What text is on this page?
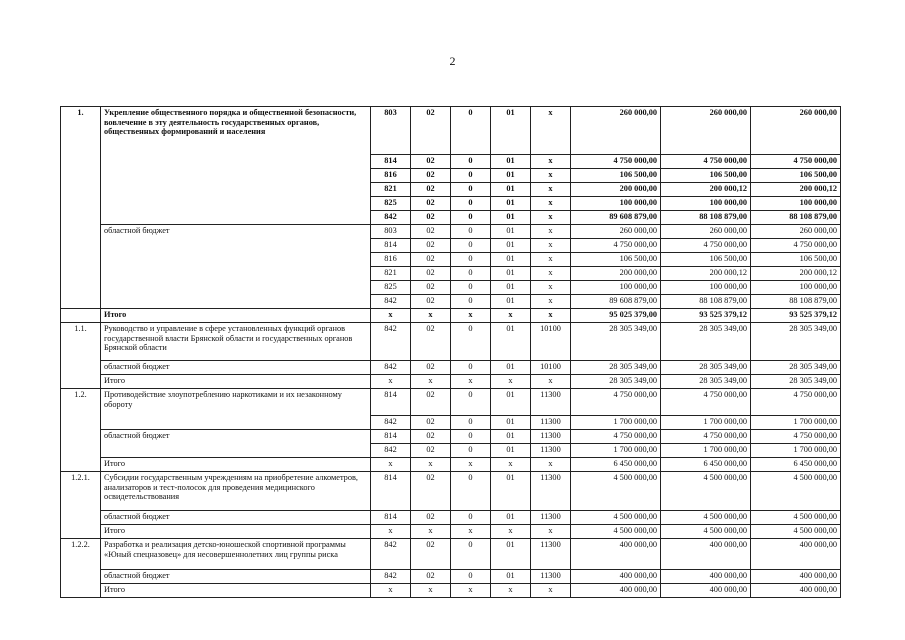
2
1.	Укрепление общественного порядка и общественной безопасности, вовлечение в эту деятельность государственных органов, общественных формирований и населения	803	02	0	01	х	260 000,00	260 000,00	260 000,00
		814	02	0	01	х	4 750 000,00	4 750 000,00	4 750 000,00
		816	02	0	01	х	106 500,00	106 500,00	106 500,00
		821	02	0	01	х	200 000,00	200 000,12	200 000,12
		825	02	0	01	х	100 000,00	100 000,00	100 000,00
		842	02	0	01	х	89 608 879,00	88 108 879,00	88 108 879,00
	областной бюджет	803	02	0	01	х	260 000,00	260 000,00	260 000,00
		814	02	0	01	х	4 750 000,00	4 750 000,00	4 750 000,00
		816	02	0	01	х	106 500,00	106 500,00	106 500,00
		821	02	0	01	х	200 000,00	200 000,12	200 000,12
		825	02	0	01	х	100 000,00	100 000,00	100 000,00
		842	02	0	01	х	89 608 879,00	88 108 879,00	88 108 879,00
	Итого	х	х	х	х	х	95 025 379,00	93 525 379,12	93 525 379,12
1.1.	Руководство и управление в сфере установленных функций органов государственной власти Брянской области и государственных органов Брянской области	842	02	0	01	10100	28 305 349,00	28 305 349,00	28 305 349,00
	областной бюджет	842	02	0	01	10100	28 305 349,00	28 305 349,00	28 305 349,00
	Итого	х	х	х	х	х	28 305 349,00	28 305 349,00	28 305 349,00
1.2.	Противодействие злоупотреблению наркотиками и их незаконному обороту	814	02	0	01	11300	4 750 000,00	4 750 000,00	4 750 000,00
		842	02	0	01	11300	1 700 000,00	1 700 000,00	1 700 000,00
	областной бюджет	814	02	0	01	11300	4 750 000,00	4 750 000,00	4 750 000,00
		842	02	0	01	11300	1 700 000,00	1 700 000,00	1 700 000,00
	Итого	х	х	х	х	х	6 450 000,00	6 450 000,00	6 450 000,00
1.2.1.	Субсидии государственным учреждениям на приобретение алкометров, анализаторов и тест-полосок для проведения медицинского освидетельствования	814	02	0	01	11300	4 500 000,00	4 500 000,00	4 500 000,00
	областной бюджет	814	02	0	01	11300	4 500 000,00	4 500 000,00	4 500 000,00
	Итого	х	х	х	х	х	4 500 000,00	4 500 000,00	4 500 000,00
1.2.2.	Разработка и реализация детско-юношеской спортивной программы «Юный спецназовец» для несовершеннолетних лиц группы риска	842	02	0	01	11300	400 000,00	400 000,00	400 000,00
	областной бюджет	842	02	0	01	11300	400 000,00	400 000,00	400 000,00
	Итого	х	х	х	х	х	400 000,00	400 000,00	400 000,00
